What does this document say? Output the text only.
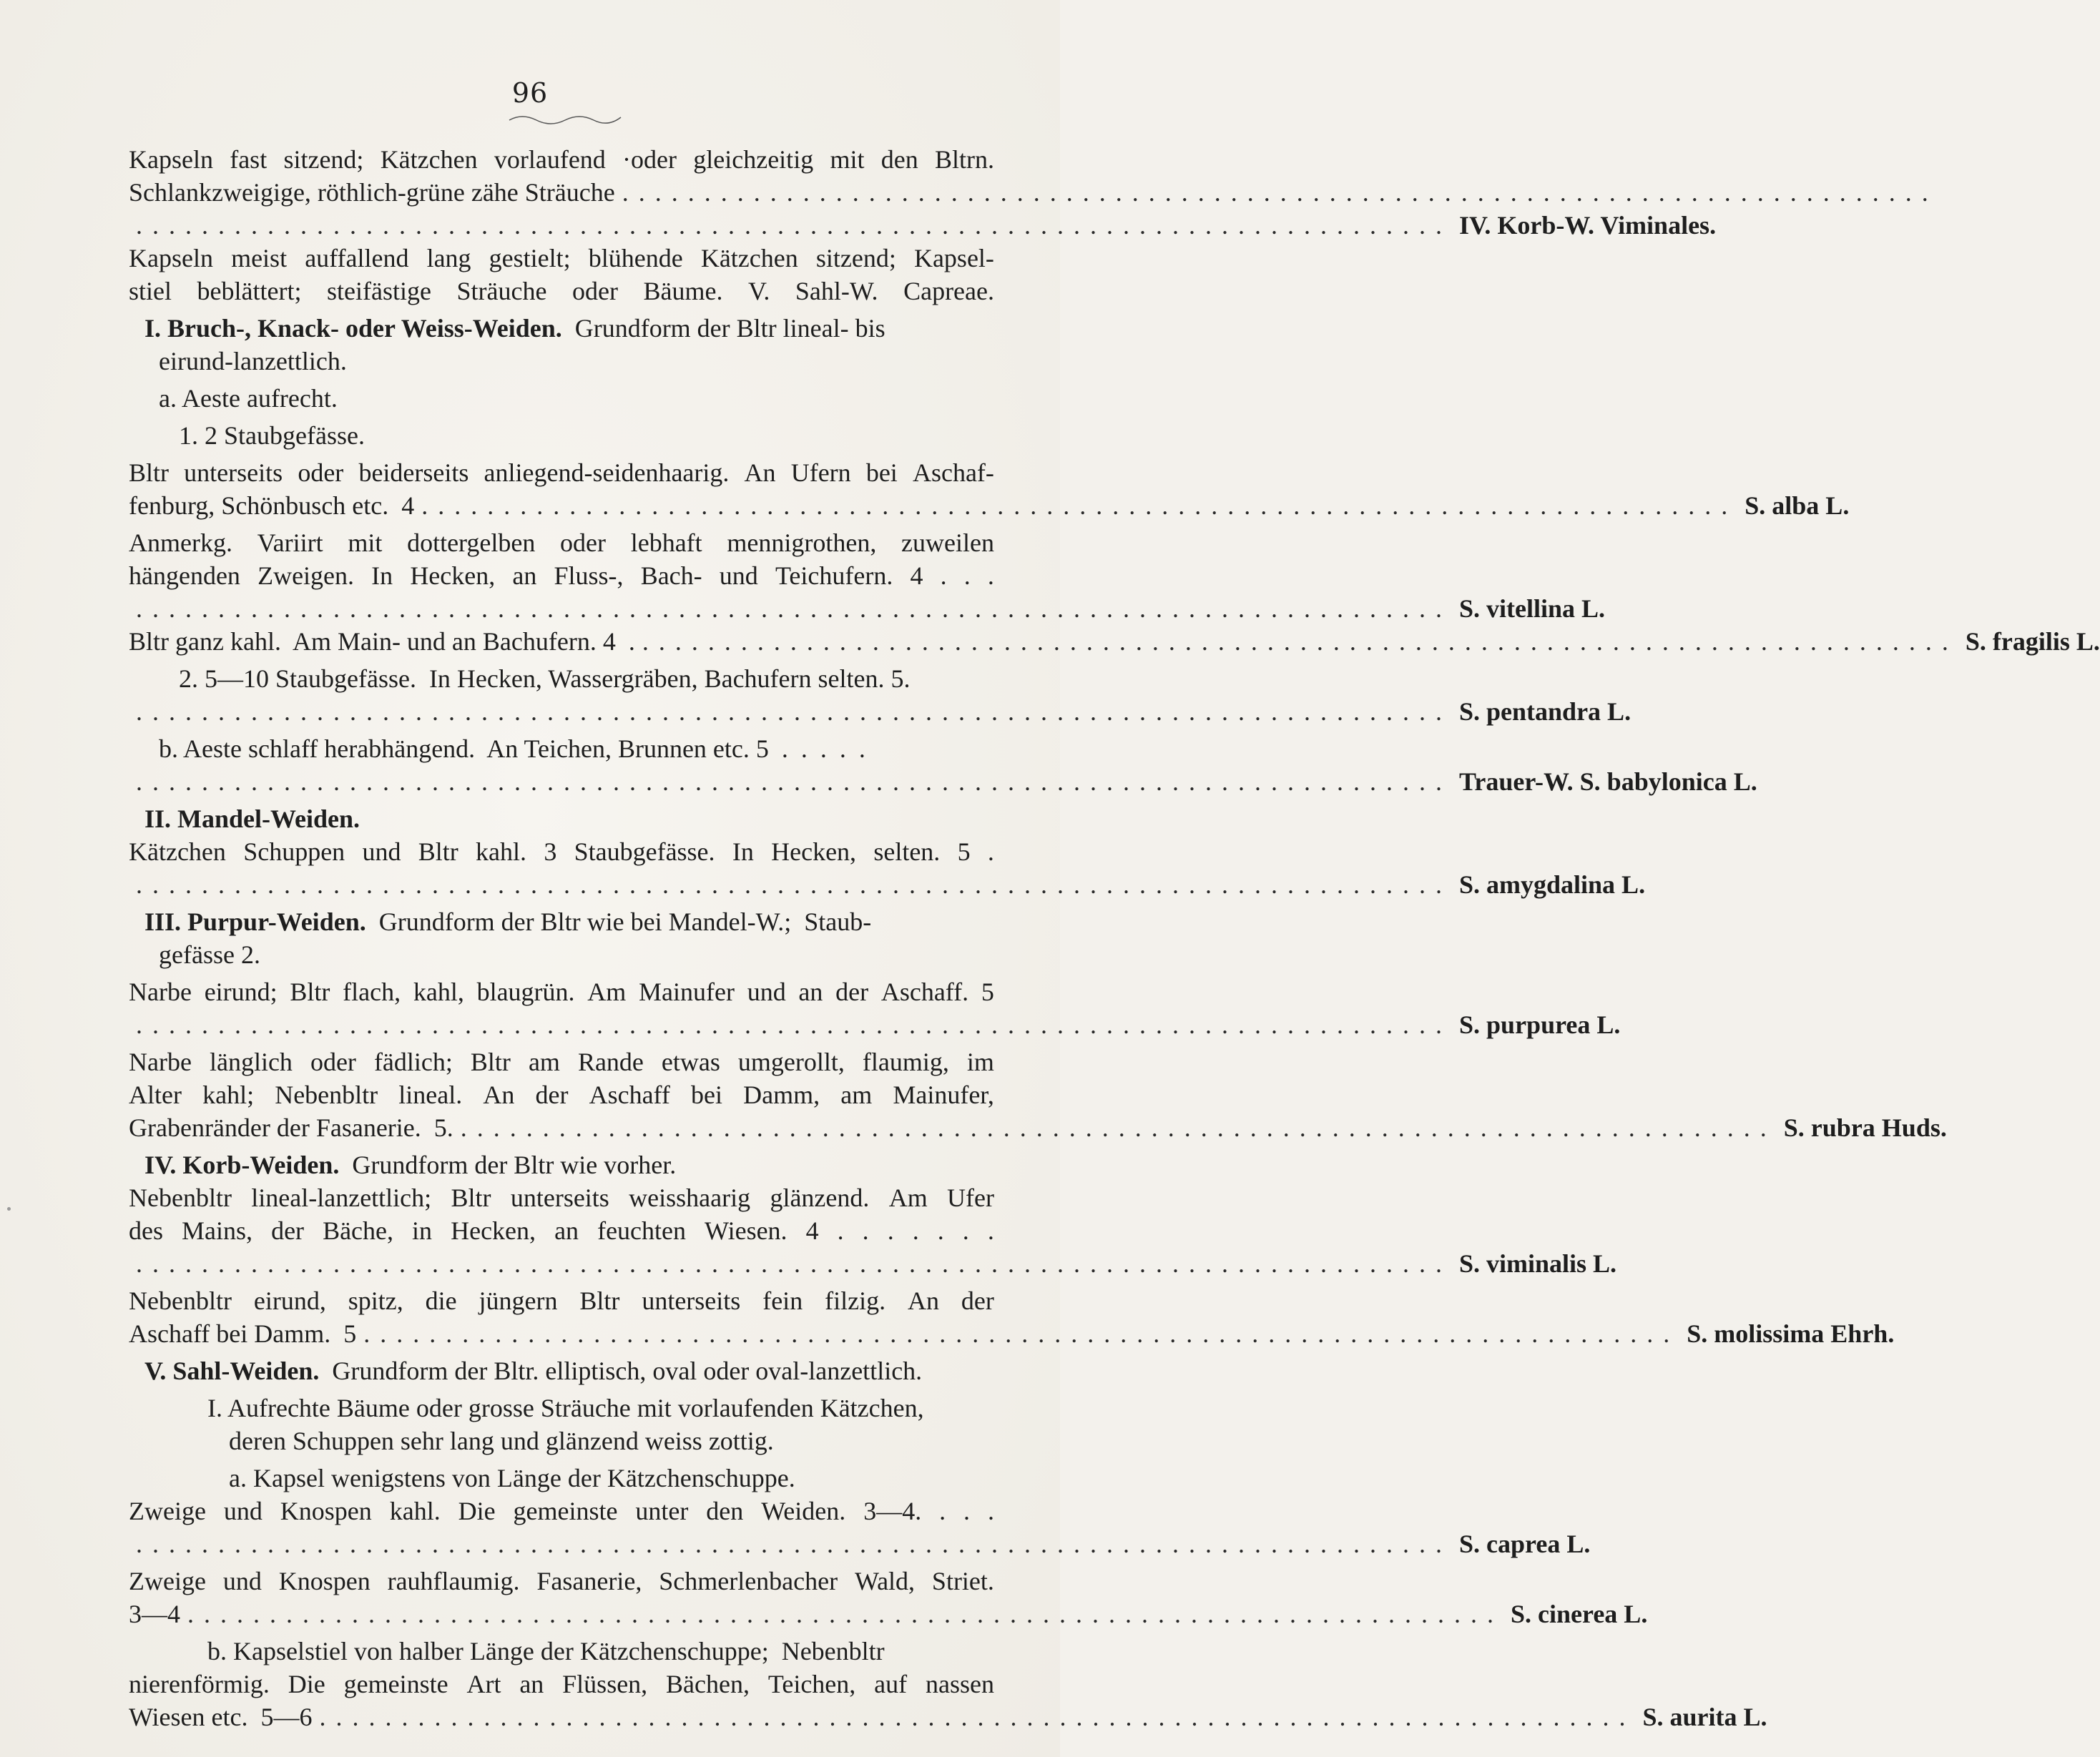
96
Kapseln fast sitzend; Kätzchen vorlaufend ·oder gleichzeitig mit den Bltrn.
Schlankzweigige, röthlich-grüne zähe Sträuche ................................................................................
................................................................................ IV. Korb-W. Viminales.
Kapseln meist auffallend lang gestielt; blühende Kätzchen sitzend; Kapsel-
stiel beblättert; steifästige Sträuche oder Bäume. V. Sahl-W. Capreae.
I. Bruch-, Knack- oder Weiss-Weiden. Grundform der Bltr lineal- bis
eirund-lanzettlich.
a. Aeste aufrecht.
1. 2 Staubgefässe.
Bltr unterseits oder beiderseits anliegend-seidenhaarig. An Ufern bei Aschaf-
fenburg, Schönbusch etc.  4 ................................................................................ S. alba L.
Anmerkg. Variirt mit dottergelben oder lebhaft mennigrothen, zuweilen
hängenden Zweigen. In Hecken, an Fluss-, Bach- und Teichufern. 4 . . .
................................................................................ S. vitellina L.
Bltr ganz kahl.  Am Main- und an Bachufern. 4  . ................................................................................ S. fragilis L.
2. 5—10 Staubgefässe.  In Hecken, Wassergräben, Bachufern selten. 5.
................................................................................ S. pentandra L.
b. Aeste schlaff herabhängend.  An Teichen, Brunnen etc. 5  .  .  .  .  .
................................................................................ Trauer-W. S. babylonica L.
II. Mandel-Weiden.
Kätzchen Schuppen und Bltr kahl. 3 Staubgefässe. In Hecken, selten. 5 .
................................................................................ S. amygdalina L.
III. Purpur-Weiden. Grundform der Bltr wie bei Mandel-W.;  Staub-
gefässe 2.
Narbe eirund; Bltr flach, kahl, blaugrün. Am Mainufer und an der Aschaff. 5
................................................................................ S. purpurea L.
Narbe länglich oder fädlich; Bltr am Rande etwas umgerollt, flaumig, im
Alter kahl; Nebenbltr lineal. An der Aschaff bei Damm, am Mainufer,
Grabenränder der Fasanerie.  5. ................................................................................ S. rubra Huds.
IV. Korb-Weiden. Grundform der Bltr wie vorher.
Nebenbltr lineal-lanzettlich; Bltr unterseits weisshaarig glänzend. Am Ufer
des Mains, der Bäche, in Hecken, an feuchten Wiesen. 4 . . . . . . .
................................................................................ S. viminalis L.
Nebenbltr eirund, spitz, die jüngern Bltr unterseits fein filzig. An der
Aschaff bei Damm.  5 ................................................................................ S. molissima Ehrh.
V. Sahl-Weiden. Grundform der Bltr. elliptisch, oval oder oval-lanzettlich.
I. Aufrechte Bäume oder grosse Sträuche mit vorlaufenden Kätzchen,
deren Schuppen sehr lang und glänzend weiss zottig.
a. Kapsel wenigstens von Länge der Kätzchenschuppe.
Zweige und Knospen kahl. Die gemeinste unter den Weiden. 3—4. . . .
................................................................................ S. caprea L.
Zweige und Knospen rauhflaumig. Fasanerie, Schmerlenbacher Wald, Striet.
3—4 ................................................................................ S. cinerea L.
b. Kapselstiel von halber Länge der Kätzchenschuppe;  Nebenbltr
nierenförmig. Die gemeinste Art an Flüssen, Bächen, Teichen, auf nassen
Wiesen etc.  5—6 ................................................................................ S. aurita L.
